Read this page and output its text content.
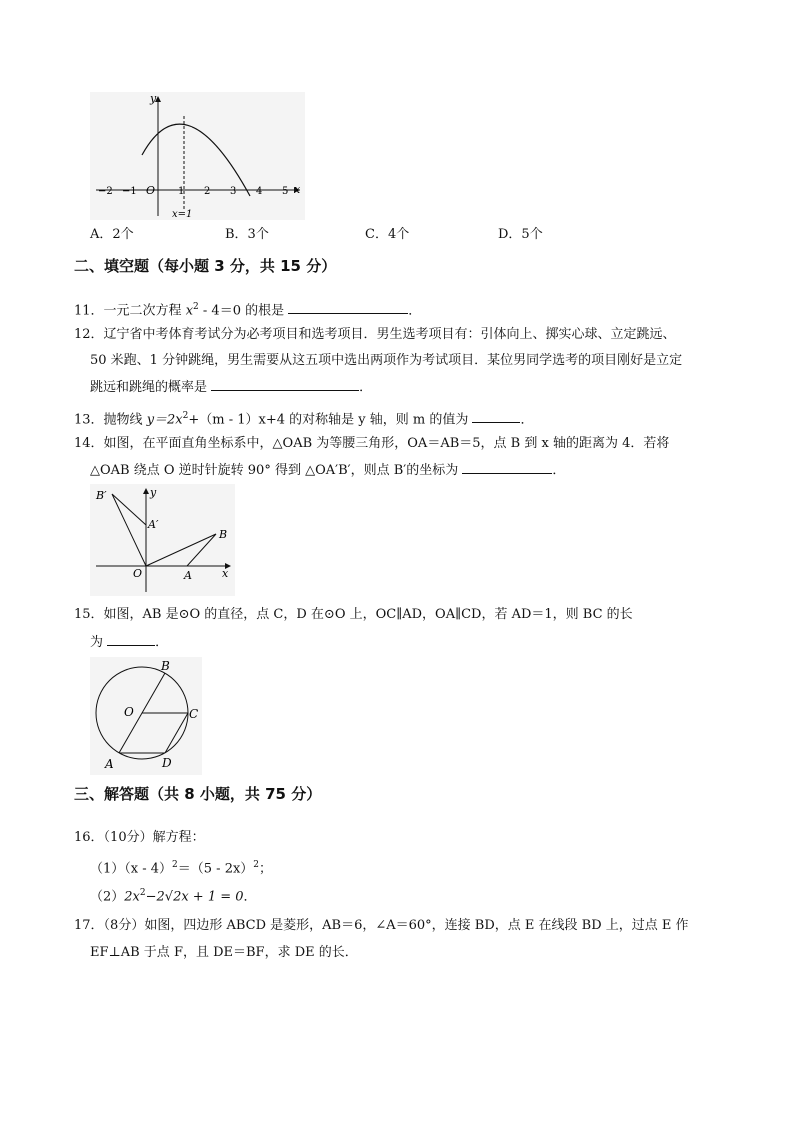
y
x
O
−2 −1	1 2 3 4 5
x=1
A．2个	B．3个	C．4个	D．5个
二、填空题（每小题 3 分，共 15 分）
11．一元二次方程 $x^2 - 4=0$ 的根是	．
12．辽宁省中考体育考试分为必考项目和选考项目．男生选考项目有：引体向上、掷实心球、立定跳远、
50 米跑、1 分钟跳绳，男生需要从这五项中选出两项作为考试项目．某位男同学选考的项目刚好是立定
跳远和跳绳的概率是	．
13．抛物线 $y=2x^2+(m - 1)x+4$ 的对称轴是 y 轴，则 m 的值为	．
14．如图，在平面直角坐标系中，△OAB 为等腰三角形，OA＝AB＝5，点 B 到 x 轴的距离为 4．若将
△OAB 绕点 O 逆时针旋转 90° 得到 △OA′B′，则点 B′的坐标为	．
B′
A′
B
A
O	x
y
15．如图，AB 是⊙O 的直径，点 C，D 在⊙O 上，OC∥AD，OA∥CD，若 AD＝1，则 BC 的长
为	．
B
O	C
A	D
三、解答题（共 8 小题，共 75 分）
16．（10分）解方程：
（1）（x - 4）$^2$＝（5 - 2x）$^2$；
$(2)2x^2-2√2x + 1 = 0$．
17．（8分）如图，四边形 ABCD 是菱形，AB＝6，∠A＝60°，连接 BD，点 E 在线段 BD 上，过点 E 作
EF⊥AB 于点 F，且 DE＝BF，求 DE 的长．
